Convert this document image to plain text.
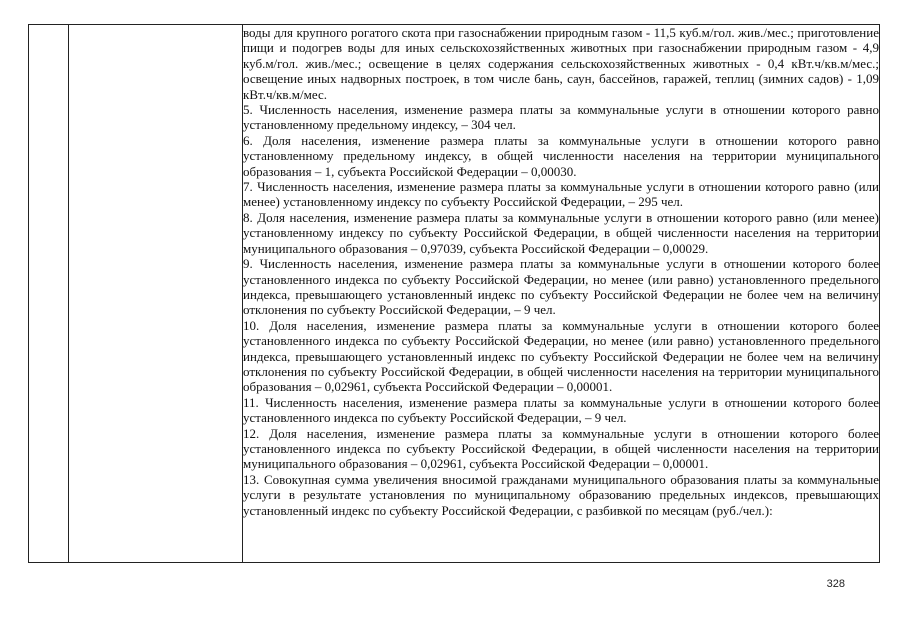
воды для крупного рогатого скота при газоснабжении природным газом - 11,5 куб.м/гол. жив./мес.; приготовление пищи и подогрев воды для иных сельскохозяйственных животных при газоснабжении природным газом - 4,9 куб.м/гол. жив./мес.; освещение в целях содержания сельскохозяйственных животных - 0,4 кВт.ч/кв.м/мес.; освещение иных надворных построек, в том числе бань, саун, бассейнов, гаражей, теплиц (зимних садов) - 1,09 кВт.ч/кв.м/мес.

5. Численность населения, изменение размера платы за коммунальные услуги в отношении которого равно установленному предельному индексу, – 304 чел.

6. Доля населения, изменение размера платы за коммунальные услуги в отношении которого равно установленному предельному индексу, в общей численности населения на территории муниципального образования – 1, субъекта Российской Федерации – 0,00030.

7. Численность населения, изменение размера платы за коммунальные услуги в отношении которого равно (или менее) установленному индексу по субъекту Российской Федерации, – 295 чел.

8. Доля населения, изменение размера платы за коммунальные услуги в отношении которого равно (или менее) установленному индексу по субъекту Российской Федерации, в общей численности населения на территории муниципального образования – 0,97039, субъекта Российской Федерации – 0,00029.

9. Численность населения, изменение размера платы за коммунальные услуги в отношении которого более установленного индекса по субъекту Российской Федерации, но менее (или равно) установленного предельного индекса, превышающего установленный индекс по субъекту Российской Федерации не более чем на величину отклонения по субъекту Российской Федерации, – 9 чел.

10. Доля населения, изменение размера платы за коммунальные услуги в отношении которого более установленного индекса по субъекту Российской Федерации, но менее (или равно) установленного предельного индекса, превышающего установленный индекс по субъекту Российской Федерации не более чем на величину отклонения по субъекту Российской Федерации, в общей численности населения на территории муниципального образования – 0,02961, субъекта Российской Федерации – 0,00001.

11. Численность населения, изменение размера платы за коммунальные услуги в отношении которого более установленного индекса по субъекту Российской Федерации, – 9 чел.

12. Доля населения, изменение размера платы за коммунальные услуги в отношении которого более установленного индекса по субъекту Российской Федерации, в общей численности населения на территории муниципального образования – 0,02961, субъекта Российской Федерации – 0,00001.

13. Совокупная сумма увеличения вносимой гражданами муниципального образования платы за коммунальные услуги в результате установления по муниципальному образованию предельных индексов, превышающих установленный индекс по субъекту Российской Федерации, с разбивкой по месяцам (руб./чел.):

328
